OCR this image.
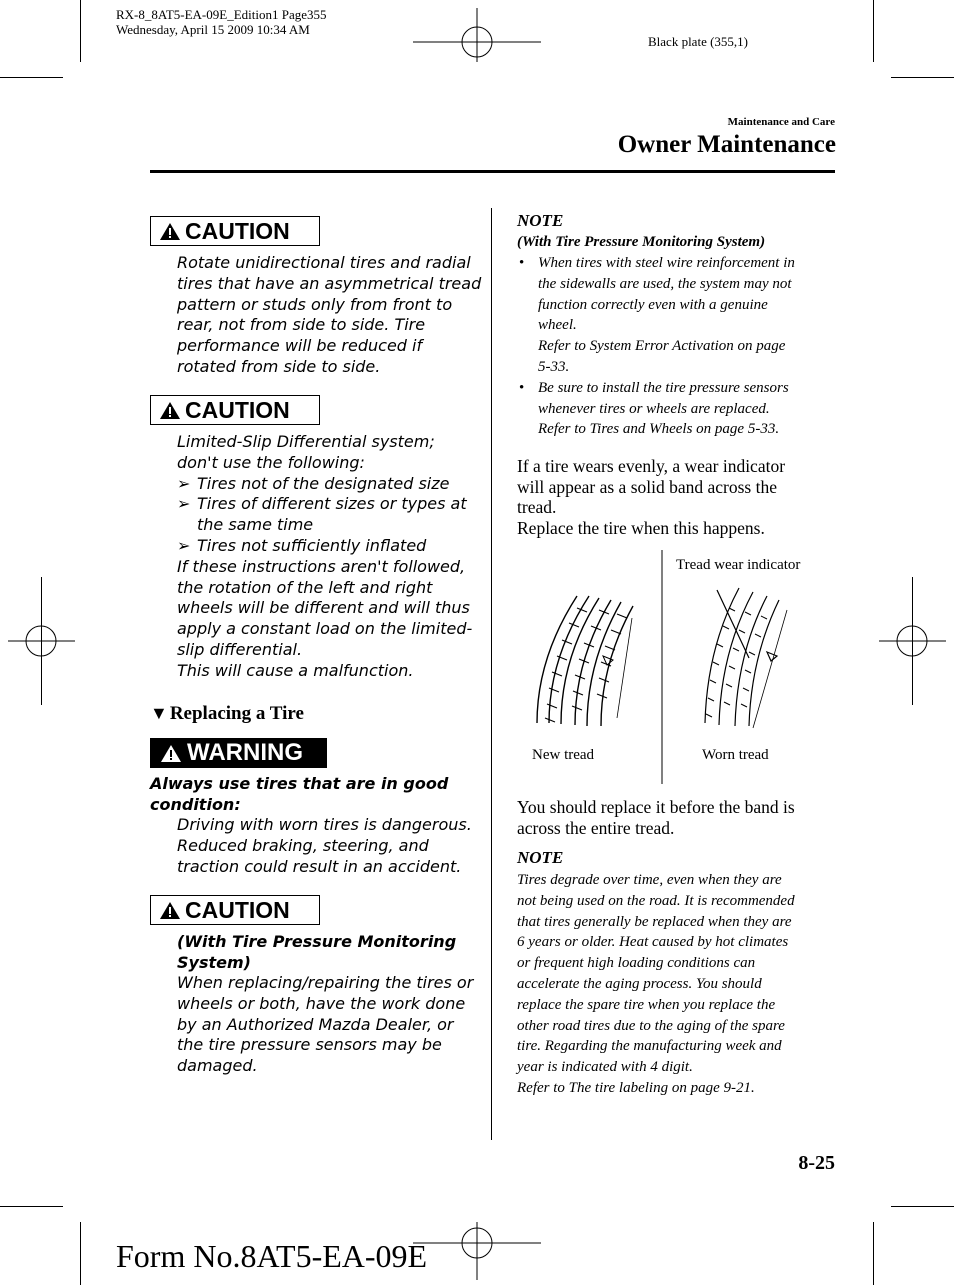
RX-8_8AT5-EA-09E_Edition1 Page355
Wednesday, April 15 2009 10:34 AM
Black plate (355,1)
Maintenance and Care
Owner Maintenance
CAUTION
Rotate unidirectional tires and radial
tires that have an asymmetrical tread
pattern or studs only from front to
rear, not from side to side. Tire
performance will be reduced if
rotated from side to side.
CAUTION
Limited-Slip Differential system;
don't use the following:
➢ Tires not of the designated size
➢ Tires of different sizes or types at
the same time
➢ Tires not sufficiently inflated
If these instructions aren't followed,
the rotation of the left and right
wheels will be different and will thus
apply a constant load on the limited-
slip differential.
This will cause a malfunction.
▼ Replacing a Tire
WARNING
Always use tires that are in good
condition:
Driving with worn tires is dangerous.
Reduced braking, steering, and
traction could result in an accident.
CAUTION
(With Tire Pressure Monitoring
System)
When replacing/repairing the tires or
wheels or both, have the work done
by an Authorized Mazda Dealer, or
the tire pressure sensors may be
damaged.
NOTE
(With Tire Pressure Monitoring System)
• When tires with steel wire reinforcement in
the sidewalls are used, the system may not
function correctly even with a genuine
wheel.
Refer to System Error Activation on page
5-33.
• Be sure to install the tire pressure sensors
whenever tires or wheels are replaced.
Refer to Tires and Wheels on page 5-33.
If a tire wears evenly, a wear indicator
will appear as a solid band across the
tread.
Replace the tire when this happens.
Tread wear indicator
New tread	Worn tread
You should replace it before the band is
across the entire tread.
NOTE
Tires degrade over time, even when they are
not being used on the road. It is recommended
that tires generally be replaced when they are
6 years or older. Heat caused by hot climates
or frequent high loading conditions can
accelerate the aging process. You should
replace the spare tire when you replace the
other road tires due to the aging of the spare
tire. Regarding the manufacturing week and
year is indicated with 4 digit.
Refer to The tire labeling on page 9-21.
8-25
Form No.8AT5-EA-09E
